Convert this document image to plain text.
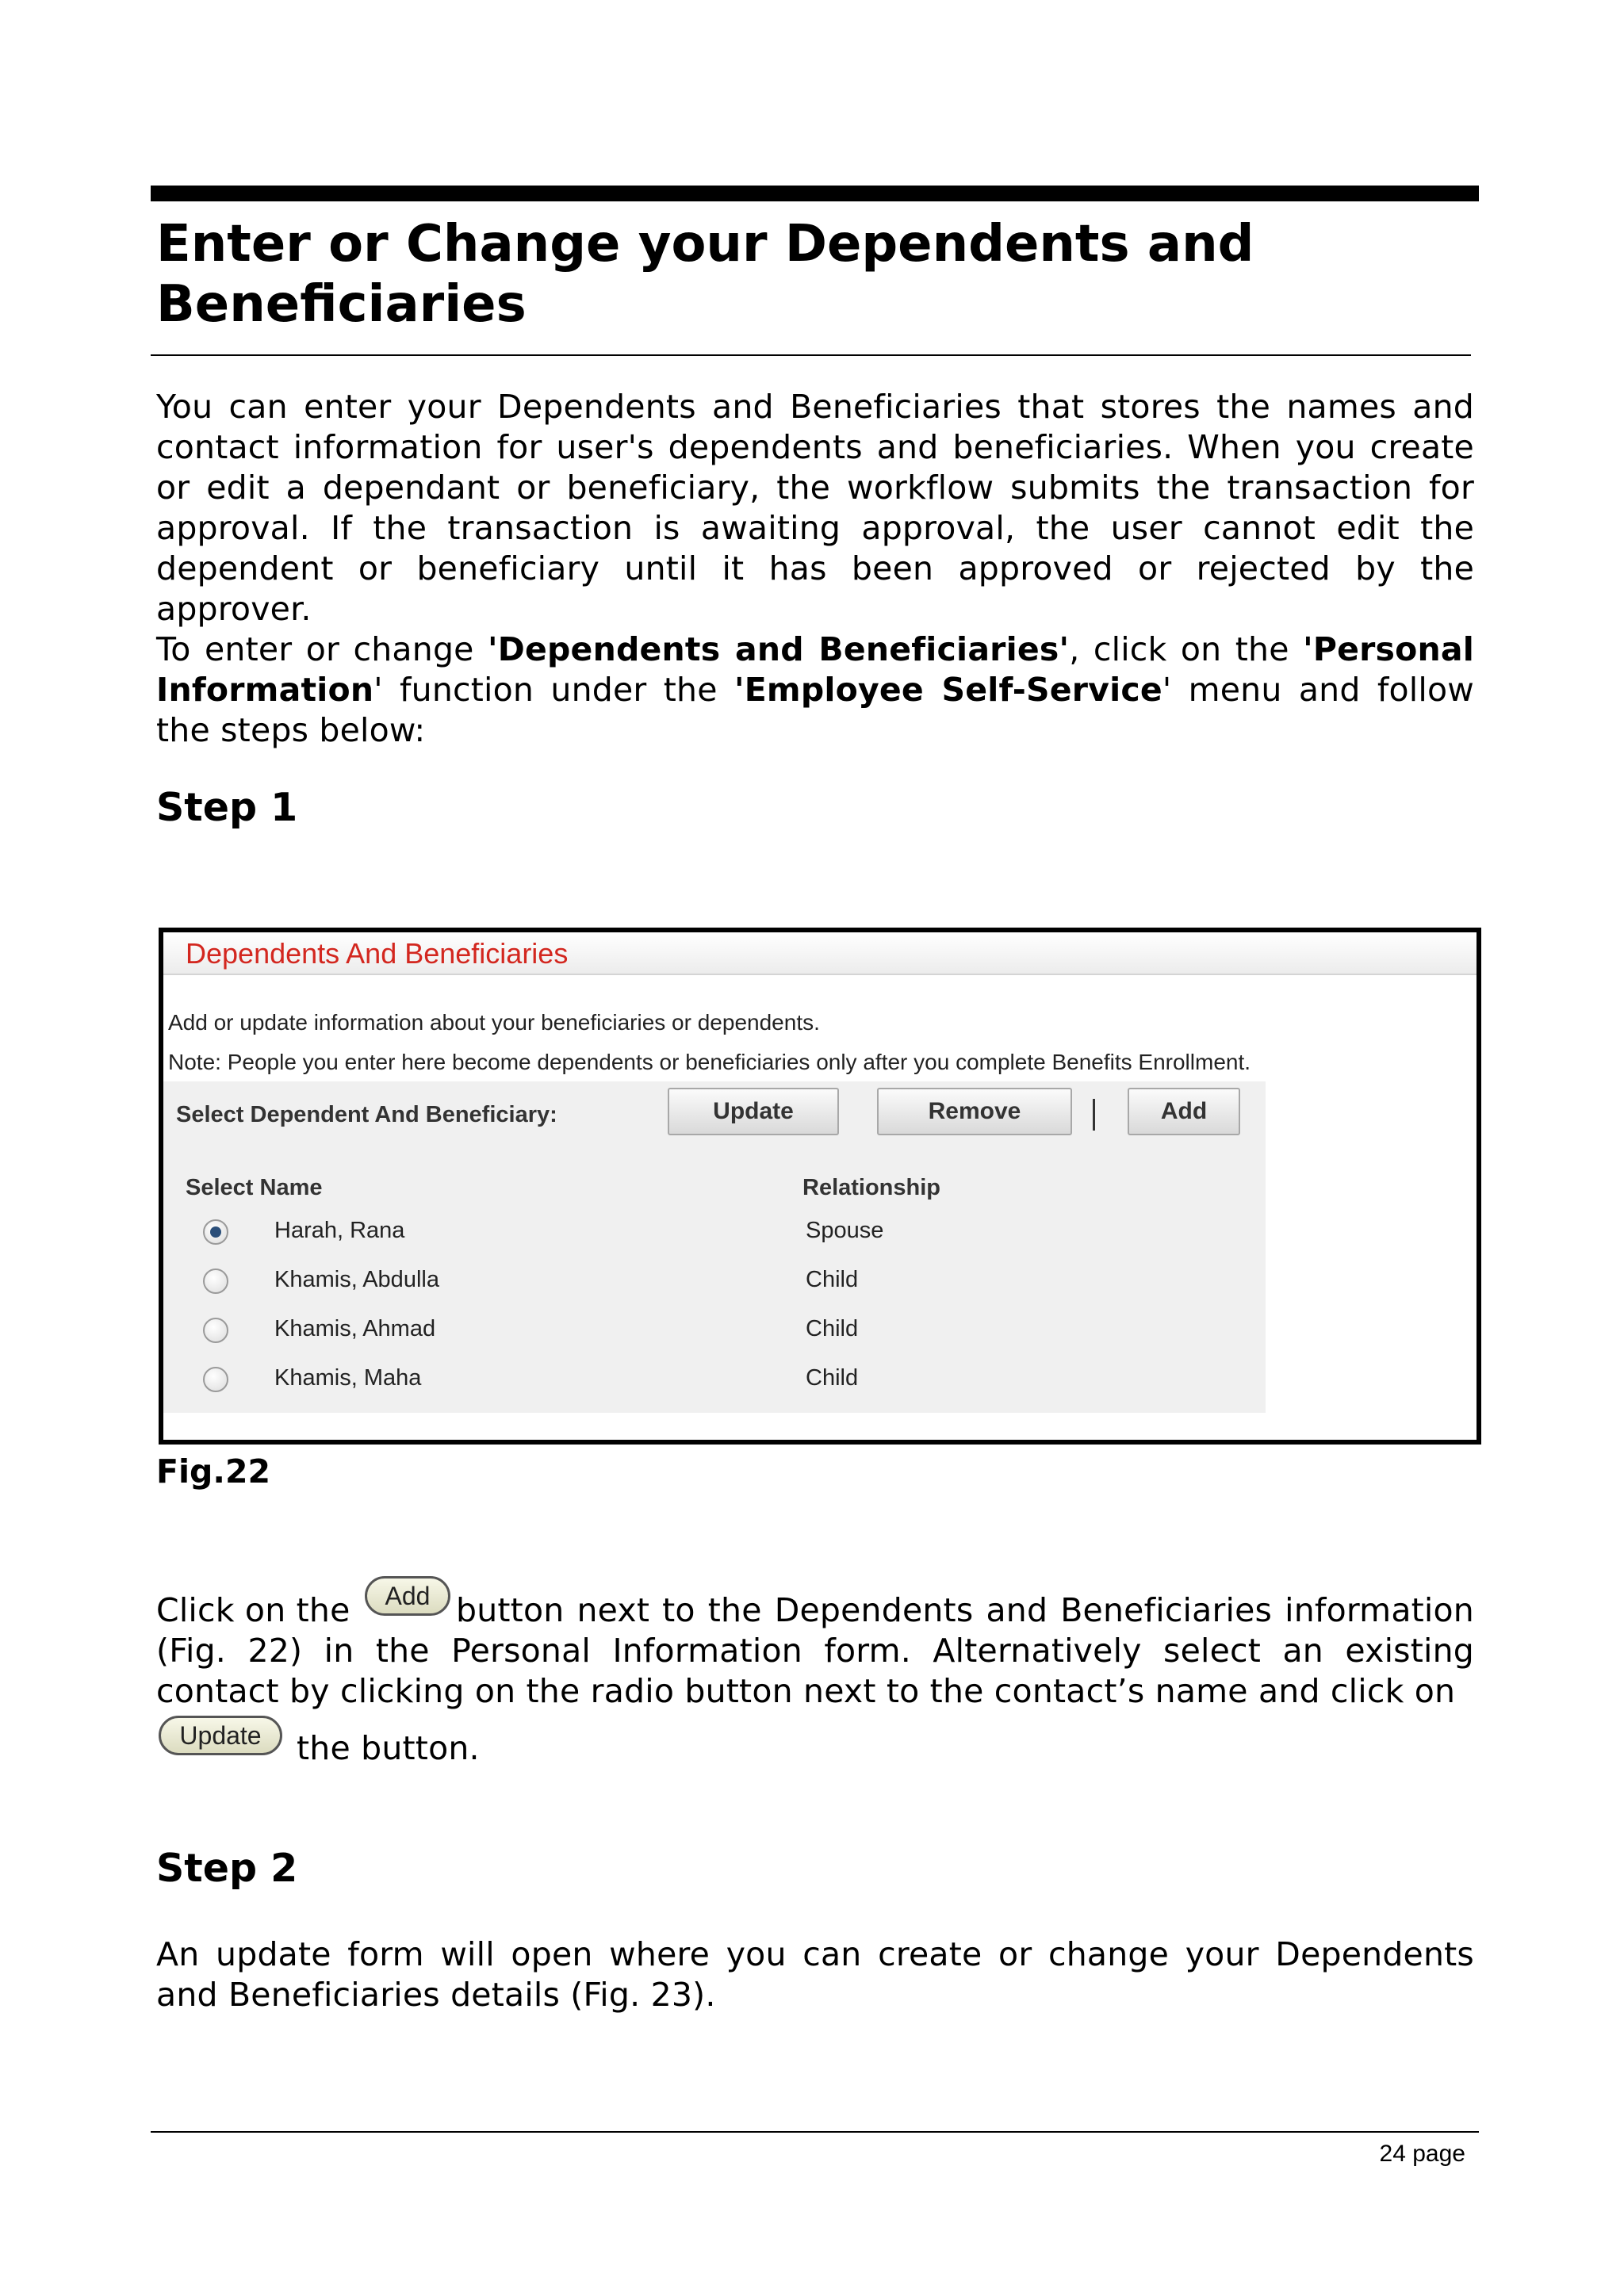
Enter or Change your Dependents and Beneficiaries

You can enter your Dependents and Beneficiaries that stores the names and contact information for user's dependents and beneficiaries. When you create or edit a dependant or beneficiary, the workflow submits the transaction for approval. If the transaction is awaiting approval, the user cannot edit the dependent or beneficiary until it has been approved or rejected by the approver.

To enter or change 'Dependents and Beneficiaries', click on the 'Personal Information' function under the 'Employee Self-Service' menu and follow the steps below:

Step 1
Dependents And Beneficiaries
Add or update information about your beneficiaries or dependents.
Note: People you enter here become dependents or beneficiaries only after you complete Benefits Enrollment.
Select Dependent And Beneficiary:	Update	Remove	Add
Select Name	Relationship
Harah, Rana	Spouse
Khamis, Abdulla	Child
Khamis, Ahmad	Child
Khamis, Maha	Child

Fig.22

Click on the	Add button next to the Dependents and Beneficiaries information (Fig. 22) in the Personal Information form. Alternatively select an existing contact by clicking on the radio button next to the contact’s name and click on

Update	the button.

Step 2

An update form will open where you can create or change your Dependents and Beneficiaries details (Fig. 23).

24 page
